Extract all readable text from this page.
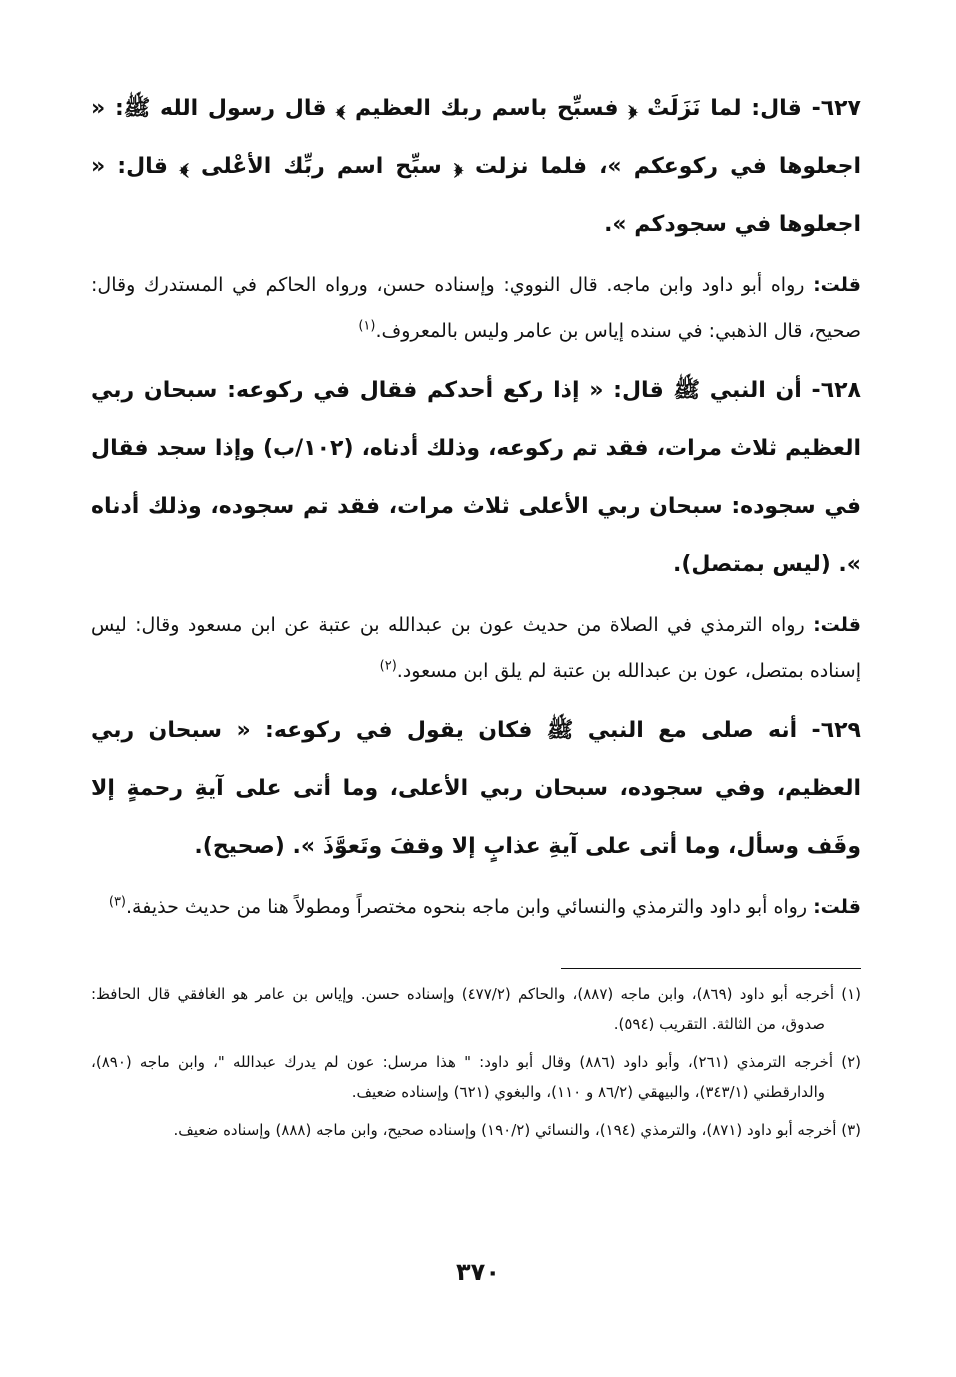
٦٢٧- قال: لما نَزَلَتْ ﴿ فسبِّح باسم ربك العظيم ﴾ قال رسول الله ﷺ: « اجعلوها في ركوعكم »، فلما نزلت ﴿ سبِّح اسم ربِّك الأعْلى ﴾ قال: « اجعلوها في سجودكم ».

قلت: رواه أبو داود وابن ماجه. قال النووي: وإسناده حسن، ورواه الحاكم في المستدرك وقال: صحيح، قال الذهبي: في سنده إياس بن عامر وليس بالمعروف.$^{(١)}$

٦٢٨- أن النبي ﷺ قال: « إذا ركع أحدكم فقال في ركوعه: سبحان ربي العظيم ثلاث مرات، فقد تم ركوعه، وذلك أدناه، (١٠٢/ب) وإذا سجد فقال في سجوده: سبحان ربي الأعلى ثلاث مرات، فقد تم سجوده، وذلك أدناه ». (ليس بمتصل).

قلت: رواه الترمذي في الصلاة من حديث عون بن عبدالله بن عتبة عن ابن مسعود وقال: ليس إسناده بمتصل، عون بن عبدالله بن عتبة لم يلق ابن مسعود.$^{(٢)}$

٦٢٩- أنه صلى مع النبي ﷺ فكان يقول في ركوعه: « سبحان ربي العظيم، وفي سجوده، سبحان ربي الأعلى، وما أتى على آيةِ رحمةٍ إلا وقَف وسأل، وما أتى على آيةِ عذابٍ إلا وقفَ وتَعوَّذَ ». (صحيح).

قلت: رواه أبو داود والترمذي والنسائي وابن ماجه بنحوه مختصراً ومطولاً هنا من حديث حذيفة.$^{(٣)}$

(١) أخرجه أبو داود (٨٦٩)، وابن ماجه (٨٨٧)، والحاكم (٤٧٧/٢) وإسناده حسن. وإياس بن عامر هو الغافقي قال الحافظ: صدوق، من الثالثة. التقريب (٥٩٤).

(٢) أخرجه الترمذي (٢٦١)، وأبو داود (٨٨٦) وقال أبو داود: " هذا مرسل: عون لم يدرك عبدالله "، وابن ماجه (٨٩٠)، والدارقطني (٣٤٣/١)، والبيهقي (٨٦/٢ و ١١٠)، والبغوي (٦٢١) وإسناده ضعيف.

(٣) أخرجه أبو داود (٨٧١)، والترمذي (١٩٤)، والنسائي (١٩٠/٢) وإسناده صحيح، وابن ماجه (٨٨٨) وإسناده ضعيف.

٣٧٠
